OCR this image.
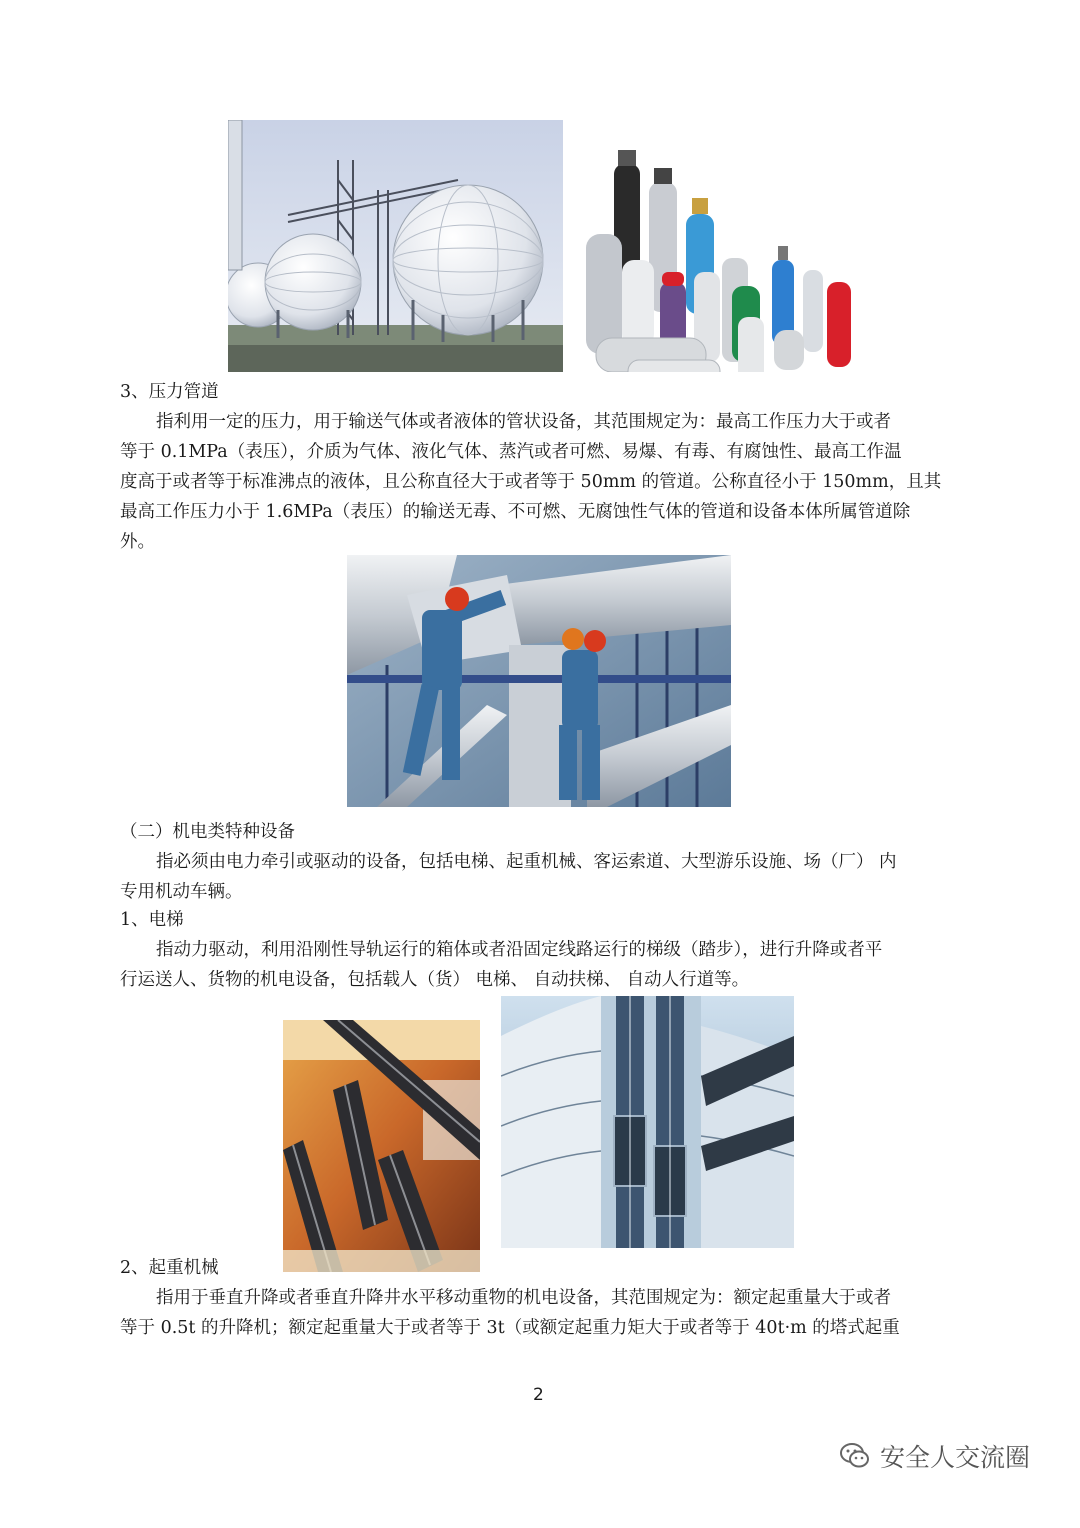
3、压力管道
指利用一定的压力，用于输送气体或者液体的管状设备，其范围规定为：最高工作压力大于或者
等于 0.1MPa（表压），介质为气体、液化气体、蒸汽或者可燃、易爆、有毒、有腐蚀性、最高工作温
度高于或者等于标准沸点的液体，且公称直径大于或者等于 50mm 的管道。公称直径小于 150mm，且其
最高工作压力小于 1.6MPa（表压）的输送无毒、不可燃、无腐蚀性气体的管道和设备本体所属管道除
外。
（二）机电类特种设备
指必须由电力牵引或驱动的设备，包括电梯、起重机械、客运索道、大型游乐设施、场（厂） 内
专用机动车辆。
1、电梯
指动力驱动，利用沿刚性导轨运行的箱体或者沿固定线路运行的梯级（踏步），进行升降或者平
行运送人、货物的机电设备，包括载人（货） 电梯、 自动扶梯、 自动人行道等。
2、起重机械
指用于垂直升降或者垂直升降井水平移动重物的机电设备，其范围规定为：额定起重量大于或者
等于 0.5t 的升降机；额定起重量大于或者等于 3t（或额定起重力矩大于或者等于 40t·m 的塔式起重
2
安全人交流圈
